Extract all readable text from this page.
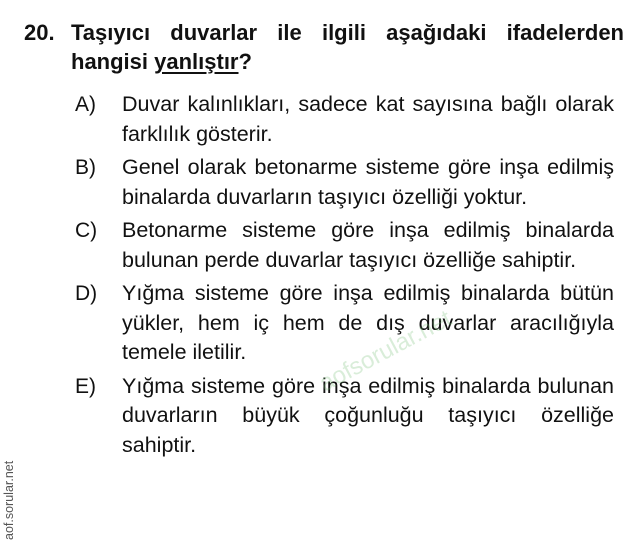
20. Taşıyıcı duvarlar ile ilgili aşağıdaki ifadelerden hangisi yanlıştır?
A)	Duvar kalınlıkları, sadece kat sayısına bağlı olarak farklılık gösterir.
B)	Genel olarak betonarme sisteme göre inşa edilmiş binalarda duvarların taşıyıcı özelliği yoktur.
C)	Betonarme sisteme göre inşa edilmiş binalarda bulunan perde duvarlar taşıyıcı özelliğe sahiptir.
D)	Yığma sisteme göre inşa edilmiş binalarda bütün yükler, hem iç hem de dış duvarlar aracılığıyla temele iletilir.
E)	Yığma sisteme göre inşa edilmiş binalarda bulunan duvarların büyük çoğunluğu taşıyıcı özelliğe sahiptir.
aofsorular.net
aof.sorular.net
